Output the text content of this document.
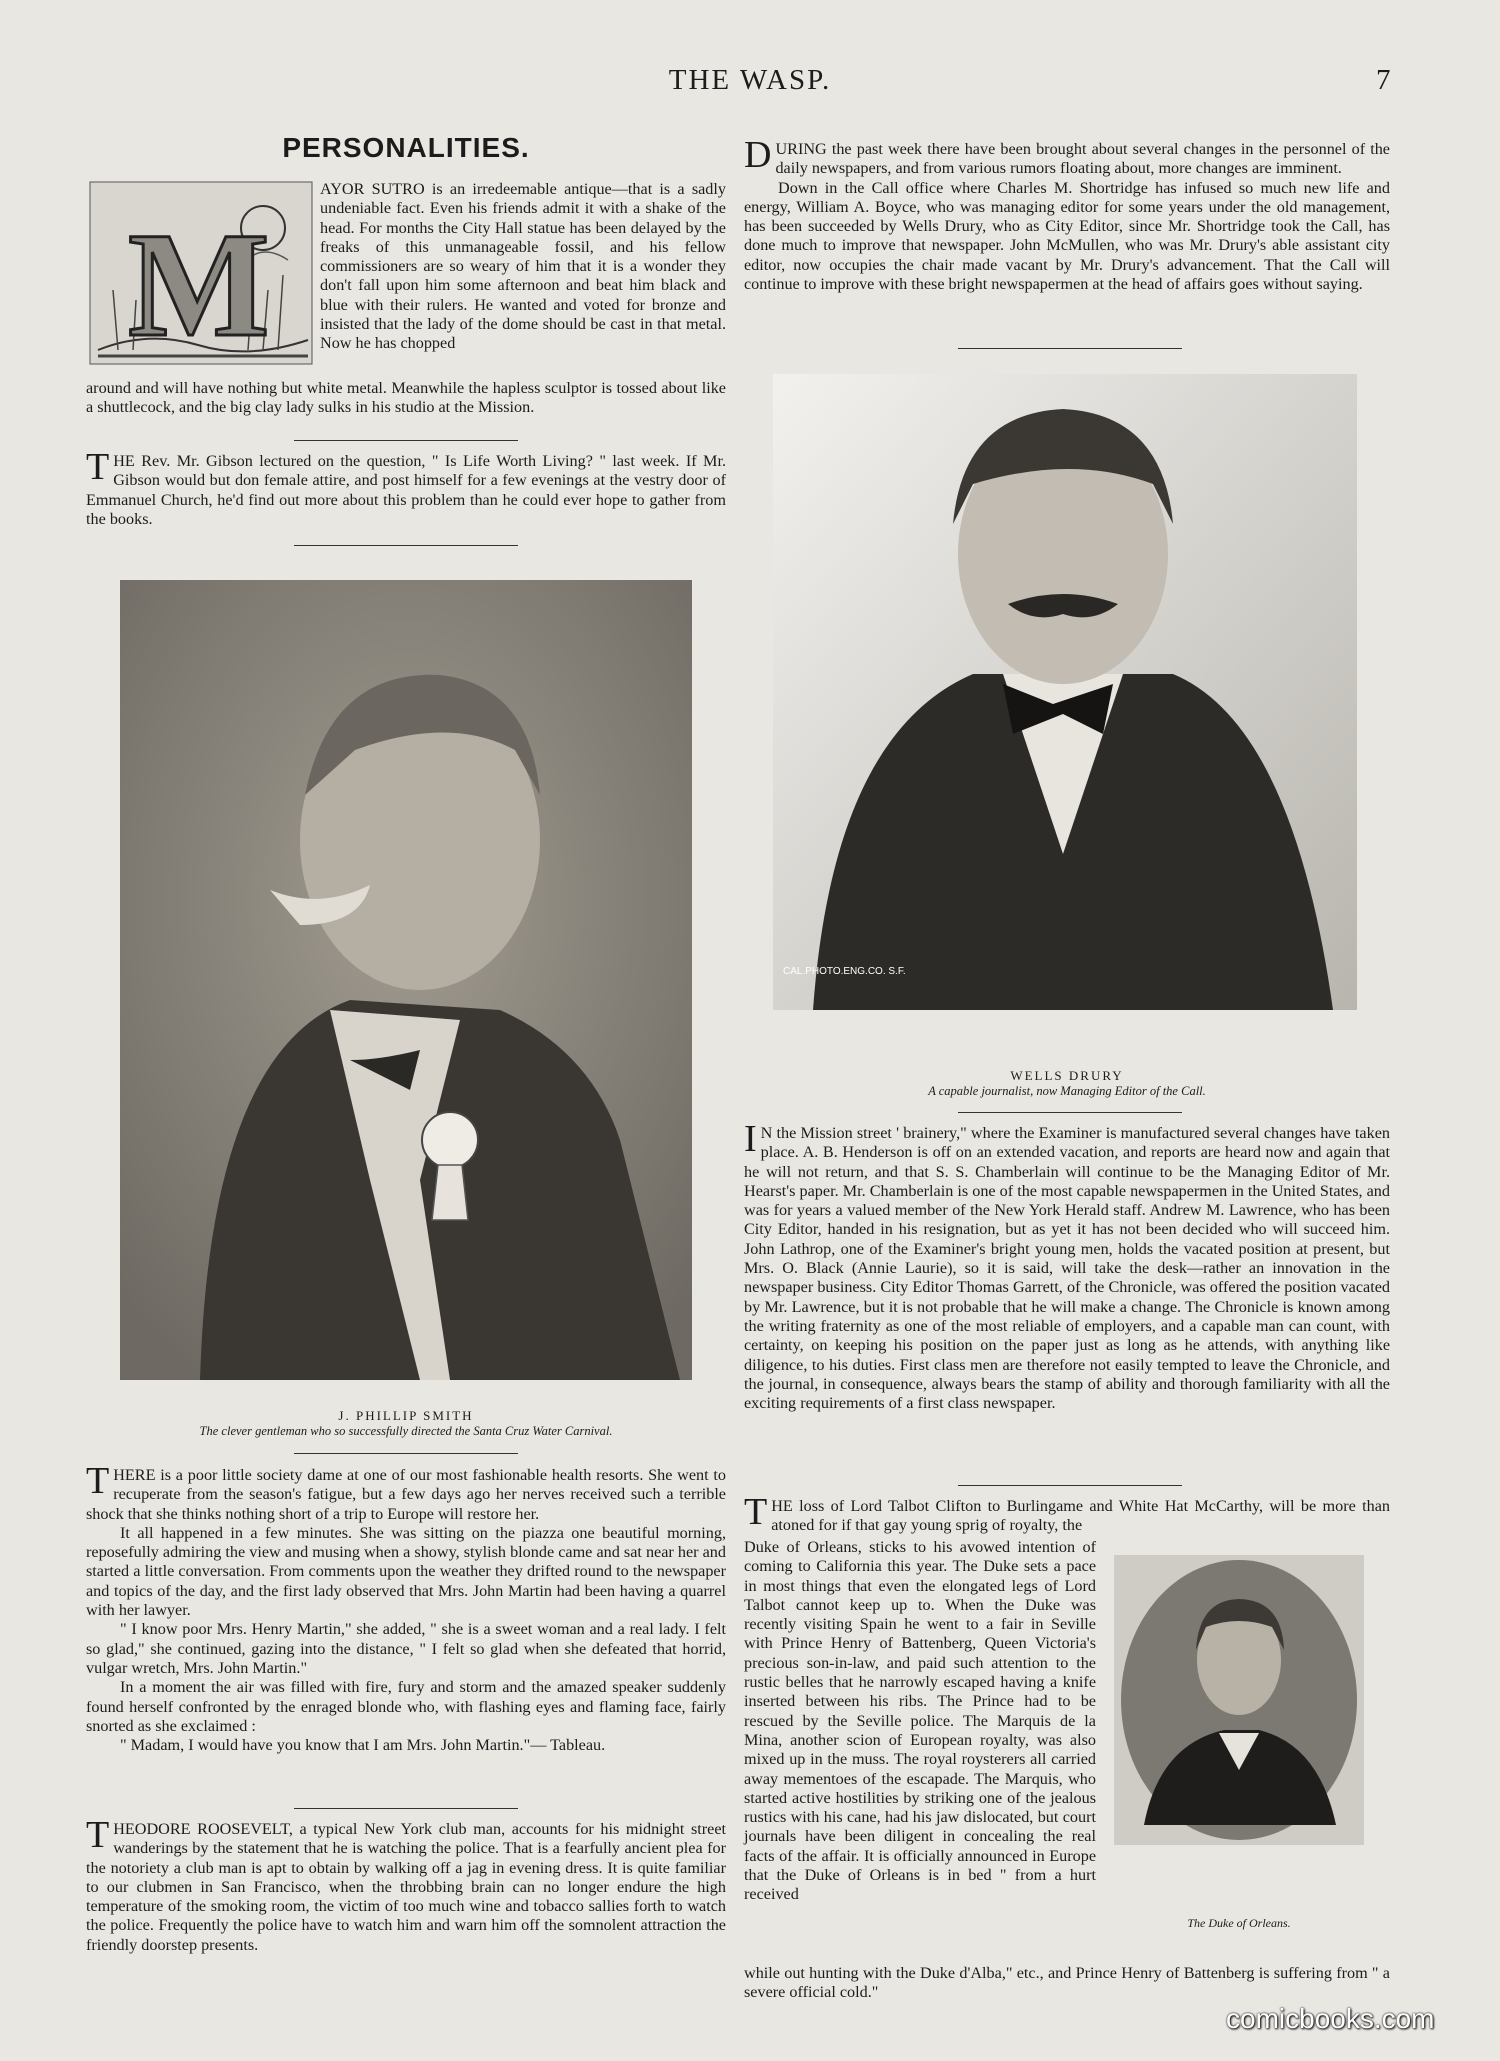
THE WASP.	7
PERSONALITIES.
M

AYOR SUTRO is an irredeemable antique—that is a sadly undeniable fact. Even his friends admit it with a shake of the head. For months the City Hall statue has been delayed by the freaks of this unmanageable fossil, and his fellow commissioners are so weary of him that it is a wonder they don't fall upon him some afternoon and beat him black and blue with their rulers. He wanted and voted for bronze and insisted that the lady of the dome should be cast in that metal. Now he has chopped

around and will have nothing but white metal. Meanwhile the hapless sculptor is tossed about like a shuttlecock, and the big clay lady sulks in his studio at the Mission.

T HE Rev. Mr. Gibson lectured on the question, " Is Life Worth Living? " last week. If Mr. Gibson would but don female attire, and post himself for a few evenings at the vestry door of Emmanuel Church, he'd find out more about this problem than he could ever hope to gather from the books.

J. PHILLIP SMITH
The clever gentleman who so successfully directed the Santa Cruz Water Carnival.
T HERE is a poor little society dame at one of our most fashionable health resorts. She went to recuperate from the season's fatigue, but a few days ago her nerves received such a terrible shock that she thinks nothing short of a trip to Europe will restore her.

It all happened in a few minutes. She was sitting on the piazza one beautiful morning, reposefully admiring the view and musing when a showy, stylish blonde came and sat near her and started a little conversation. From comments upon the weather they drifted round to the newspaper and topics of the day, and the first lady observed that Mrs. John Martin had been having a quarrel with her lawyer.

" I know poor Mrs. Henry Martin," she added, " she is a sweet woman and a real lady. I felt so glad," she continued, gazing into the distance, " I felt so glad when she defeated that horrid, vulgar wretch, Mrs. John Martin."

In a moment the air was filled with fire, fury and storm and the amazed speaker suddenly found herself confronted by the enraged blonde who, with flashing eyes and flaming face, fairly snorted as she exclaimed :

" Madam, I would have you know that I am Mrs. John Martin."— Tableau.

T HEODORE ROOSEVELT, a typical New York club man, accounts for his midnight street wanderings by the statement that he is watching the police. That is a fearfully ancient plea for the notoriety a club man is apt to obtain by walking off a jag in evening dress. It is quite familiar to our clubmen in San Francisco, when the throbbing brain can no longer endure the high temperature of the smoking room, the victim of too much wine and tobacco sallies forth to watch the police. Frequently the police have to watch him and warn him off the somnolent attraction the friendly doorstep presents.

D URING the past week there have been brought about several changes in the personnel of the daily newspapers, and from various rumors floating about, more changes are imminent.

Down in the Call office where Charles M. Shortridge has infused so much new life and energy, William A. Boyce, who was managing editor for some years under the old management, has been succeeded by Wells Drury, who as City Editor, since Mr. Shortridge took the Call, has done much to improve that newspaper. John McMullen, who was Mr. Drury's able assistant city editor, now occupies the chair made vacant by Mr. Drury's advancement. That the Call will continue to improve with these bright newspapermen at the head of affairs goes without saying.

CAL.PHOTO.ENG.CO. S.F.
WELLS DRURY
A capable journalist, now Managing Editor of the Call.
I N the Mission street ' brainery," where the Examiner is manufactured several changes have taken place. A. B. Henderson is off on an extended vacation, and reports are heard now and again that he will not return, and that S. S. Chamberlain will continue to be the Managing Editor of Mr. Hearst's paper. Mr. Chamberlain is one of the most capable newspapermen in the United States, and was for years a valued member of the New York Herald staff. Andrew M. Lawrence, who has been City Editor, handed in his resignation, but as yet it has not been decided who will succeed him. John Lathrop, one of the Examiner's bright young men, holds the vacated position at present, but Mrs. O. Black (Annie Laurie), so it is said, will take the desk—rather an innovation in the newspaper business. City Editor Thomas Garrett, of the Chronicle, was offered the position vacated by Mr. Lawrence, but it is not probable that he will make a change. The Chronicle is known among the writing fraternity as one of the most reliable of employers, and a capable man can count, with certainty, on keeping his position on the paper just as long as he attends, with anything like diligence, to his duties. First class men are therefore not easily tempted to leave the Chronicle, and the journal, in consequence, always bears the stamp of ability and thorough familiarity with all the exciting requirements of a first class newspaper.

T HE loss of Lord Talbot Clifton to Burlingame and White Hat McCarthy, will be more than atoned for if that gay young sprig of royalty, the

Duke of Orleans, sticks to his avowed intention of coming to California this year. The Duke sets a pace in most things that even the elongated legs of Lord Talbot cannot keep up to. When the Duke was recently visiting Spain he went to a fair in Seville with Prince Henry of Battenberg, Queen Victoria's precious son-in-law, and paid such attention to the rustic belles that he narrowly escaped having a knife inserted between his ribs. The Prince had to be rescued by the Seville police. The Marquis de la Mina, another scion of European royalty, was also mixed up in the muss. The royal roysterers all carried away mementoes of the escapade. The Marquis, who started active hostilities by striking one of the jealous rustics with his cane, had his jaw dislocated, but court journals have been diligent in concealing the real facts of the affair. It is officially announced in Europe that the Duke of Orleans is in bed " from a hurt received

while out hunting with the Duke d'Alba," etc., and Prince Henry of Battenberg is suffering from " a severe official cold."

The Duke of Orleans.
comicbooks.com
